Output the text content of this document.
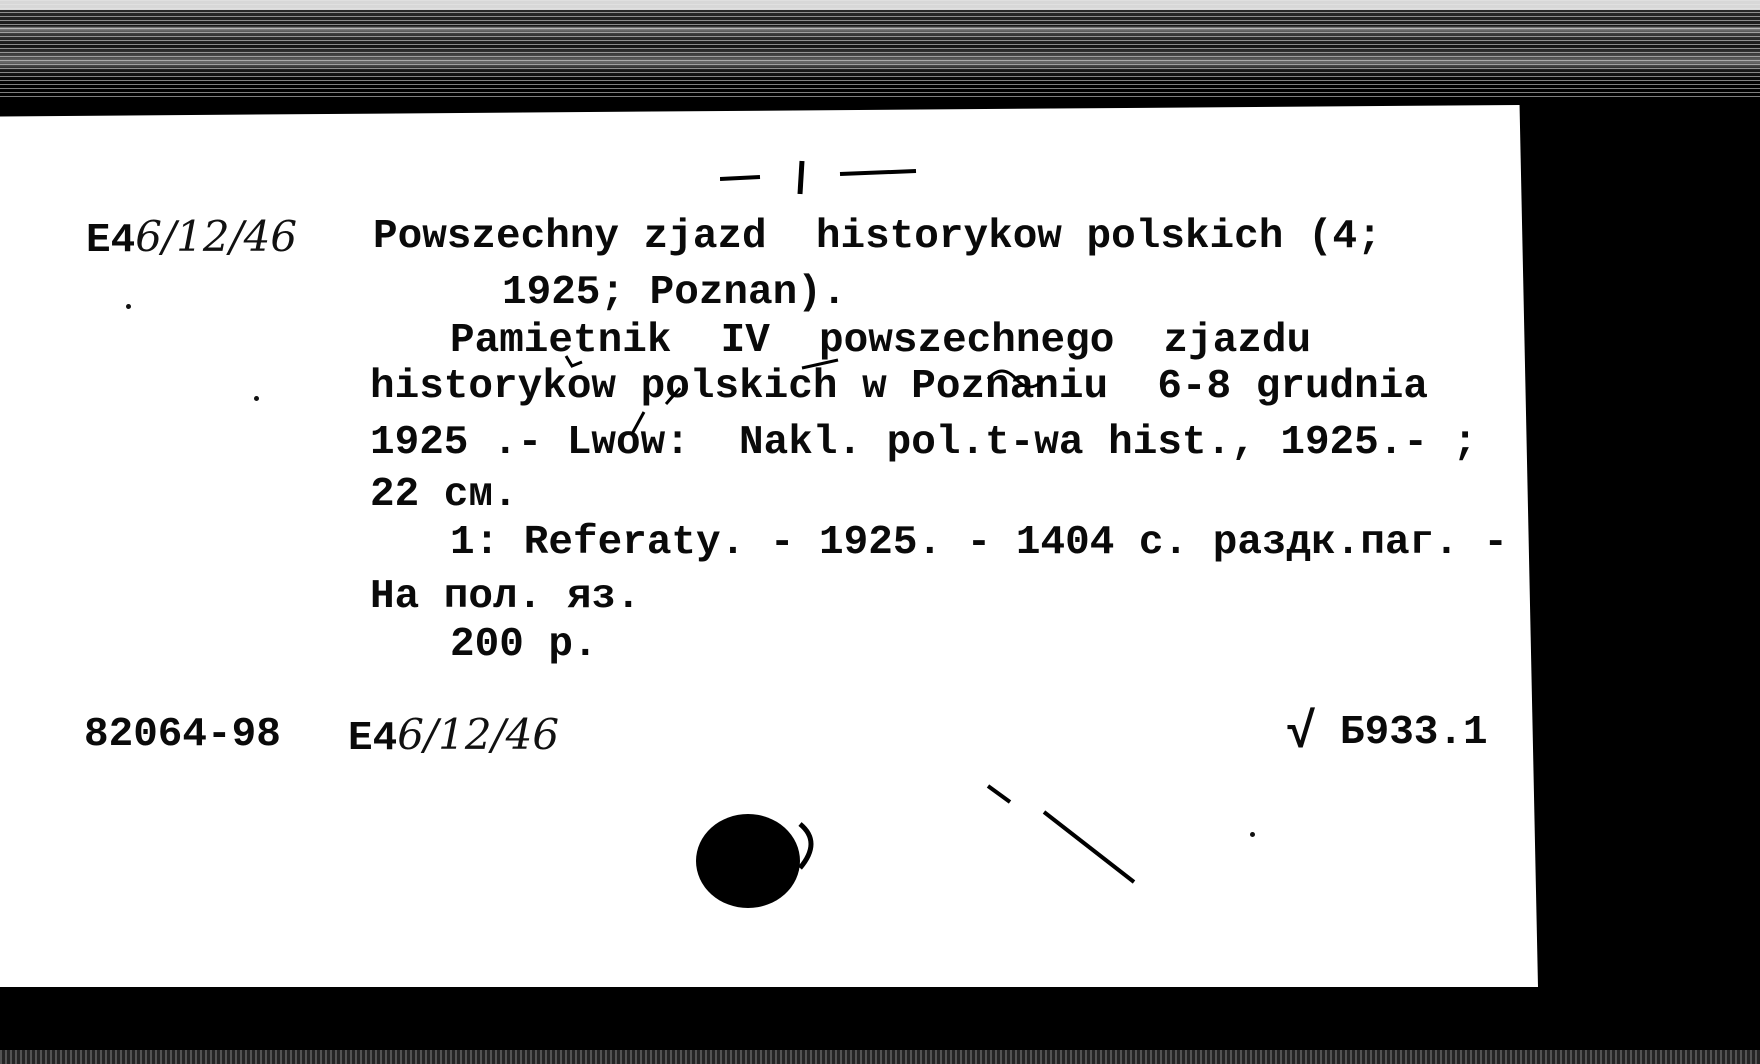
E46/12/46 Powszechny zjazd  historykow polskich (4;
1925; Poznan).
Pamietnik  IV  powszechnego  zjazdu
historykow polskich w Poznaniu  6-8 grudnia
1925 .- Lwow:  Nakl. pol.t-wa hist., 1925.- ;
22 см.
1: Referaty. - 1925. - 1404 с. раздк.паг. -
На пол. яз.
200 р.
82064-98 E46/12/46	√ Б933.1
